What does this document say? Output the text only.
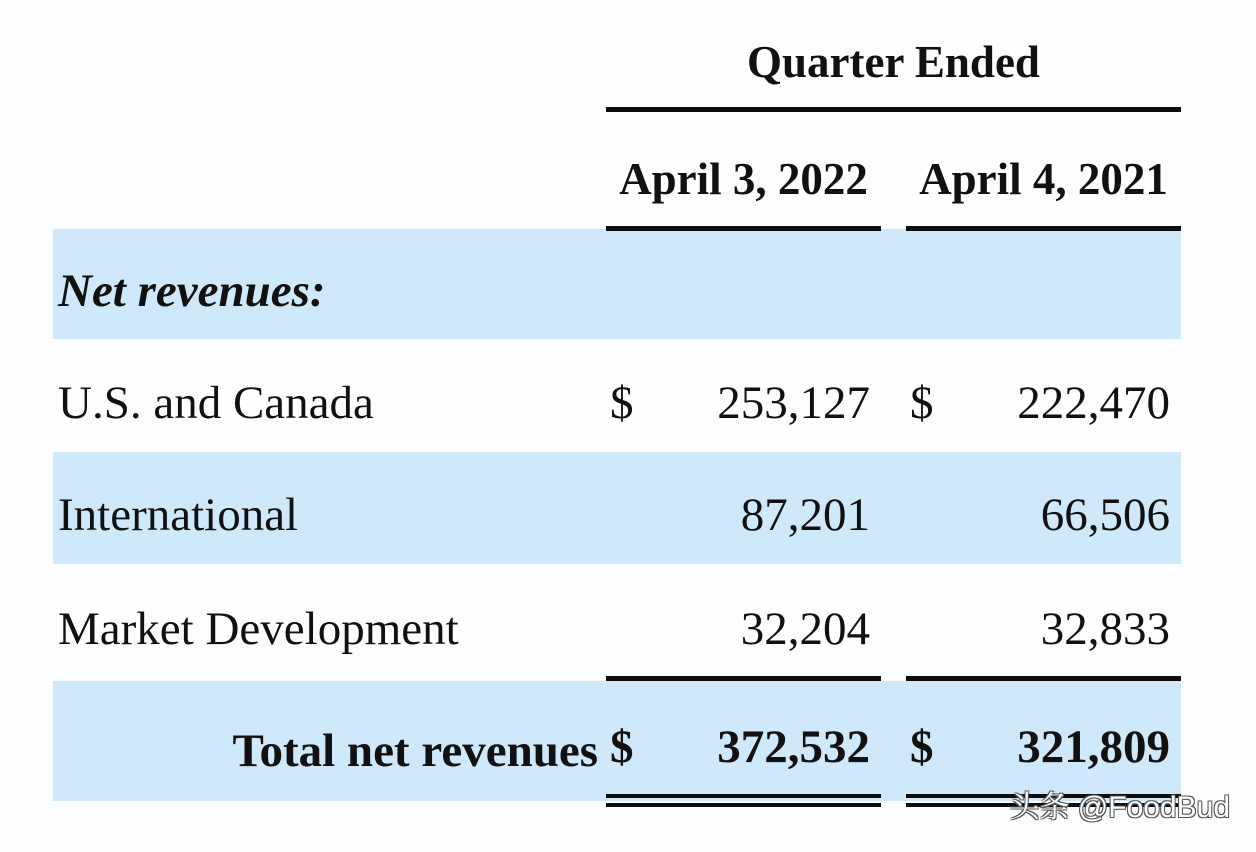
Quarter Ended
April 3, 2022 April 4, 2021
Net revenues:
U.S. and Canada	$	253,127 $	222,470
International	87,201	66,506
Market Development	32,204	32,833
Total net revenues $	372,532 $	321,809
头条 @FoodBud
